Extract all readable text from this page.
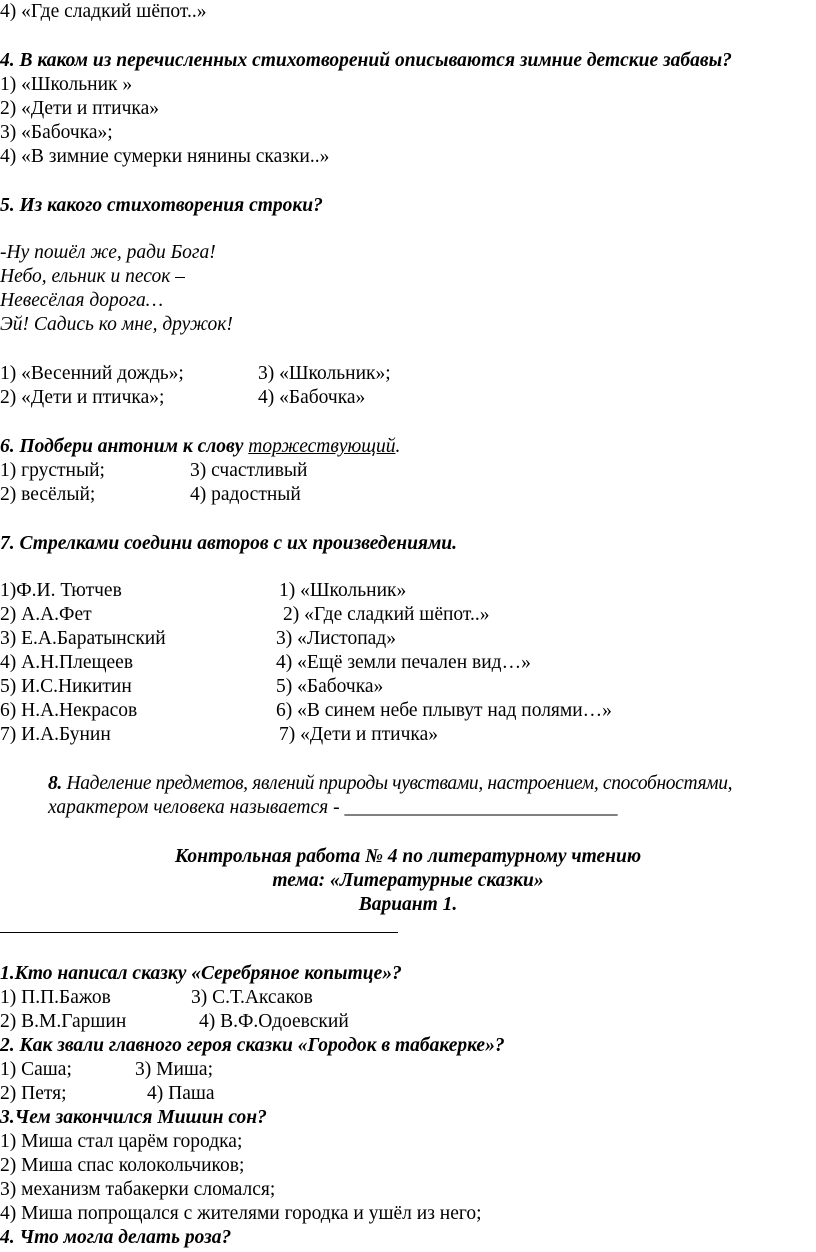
4) «Где сладкий шёпот..»
4. В каком из перечисленных стихотворений описываются зимние детские забавы?
1) «Школьник »
2) «Дети и птичка»
3) «Бабочка»;
4) «В зимние сумерки нянины сказки..»
5. Из какого стихотворения строки?
-Ну пошёл же, ради Бога!
Небо, ельник и песок –
Невесёлая дорога…
Эй! Садись ко мне, дружок!
1) «Весенний дождь»;	3) «Школьник»;
2) «Дети и птичка»;	4) «Бабочка»
6. Подбери антоним к слову торжествующий.
1) грустный;	3) счастливый
2) весёлый;	4) радостный
7. Стрелками соедини авторов с их произведениями.
1)Ф.И. Тютчев	1) «Школьник»
2) А.А.Фет	2) «Где сладкий шёпот..»
3) Е.А.Баратынский	3) «Листопад»
4) А.Н.Плещеев	4) «Ещё земли печален вид…»
5) И.С.Никитин	5) «Бабочка»
6) Н.А.Некрасов	6) «В синем небе плывут над полями…»
7) И.А.Бунин	7) «Дети и птичка»
8. Наделение предметов, явлений природы чувствами, настроением, способностями,
характером человека называется - ____________________________
Контрольная работа № 4 по литературному чтению
тема: «Литературные сказки»
Вариант 1.
1.Кто написал сказку «Серебряное копытце»?
1) П.П.Бажов	3) С.Т.Аксаков
2) В.М.Гаршин	4) В.Ф.Одоевский
2. Как звали главного героя сказки «Городок в табакерке»?
1) Саша;	3) Миша;
2) Петя;	4) Паша
3.Чем закончился Мишин сон?
1) Миша стал царём городка;
2) Миша спас колокольчиков;
3) механизм табакерки сломался;
4) Миша попрощался с жителями городка и ушёл из него;
4. Что могла делать роза?
